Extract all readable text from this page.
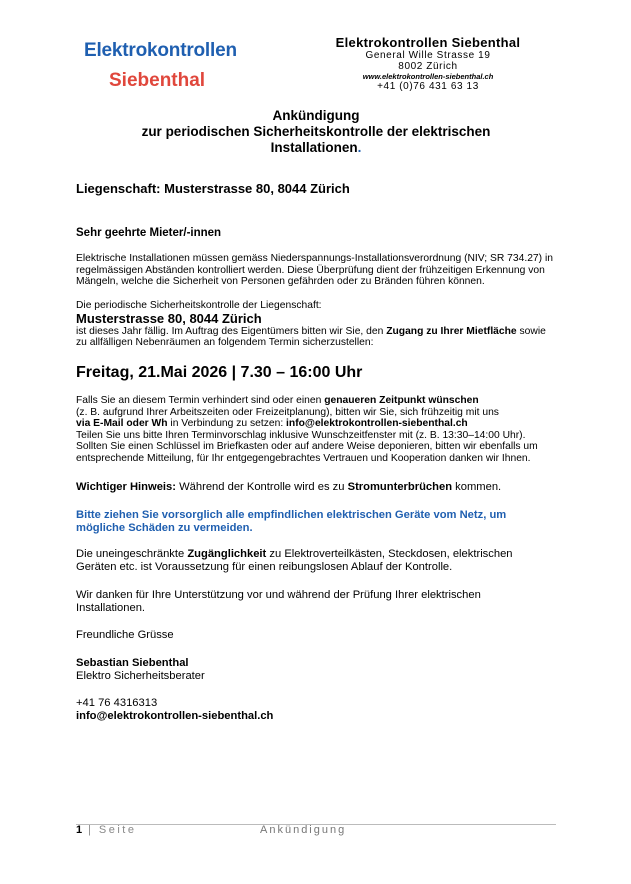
Elektrokontrollen
Siebenthal
Elektrokontrollen Siebenthal
General Wille Strasse 19
8002 Zürich
www.elektrokontrollen-siebenthal.ch
+41 (0)76 431 63 13
Ankündigung
zur periodischen Sicherheitskontrolle der elektrischen
Installationen.
Liegenschaft: Musterstrasse 80, 8044 Zürich
Sehr geehrte Mieter/-innen
Elektrische Installationen müssen gemäss Niederspannungs-Installationsverordnung (NIV; SR 734.27) in regelmässigen Abständen kontrolliert werden. Diese Überprüfung dient der frühzeitigen Erkennung von Mängeln, welche die Sicherheit von Personen gefährden oder zu Bränden führen können.
Die periodische Sicherheitskontrolle der Liegenschaft:
Musterstrasse 80, 8044 Zürich
ist dieses Jahr fällig. Im Auftrag des Eigentümers bitten wir Sie, den Zugang zu Ihrer Mietfläche sowie zu allfälligen Nebenräumen an folgendem Termin sicherzustellen:
Freitag, 21.Mai 2026 | 7.30 – 16:00 Uhr
Falls Sie an diesem Termin verhindert sind oder einen genaueren Zeitpunkt wünschen
(z. B. aufgrund Ihrer Arbeitszeiten oder Freizeitplanung), bitten wir Sie, sich frühzeitig mit uns
via E-Mail oder Wh in Verbindung zu setzen: info@elektrokontrollen-siebenthal.ch
Teilen Sie uns bitte Ihren Terminvorschlag inklusive Wunschzeitfenster mit (z. B. 13:30–14:00 Uhr).
Sollten Sie einen Schlüssel im Briefkasten oder auf andere Weise deponieren, bitten wir ebenfalls um entsprechende Mitteilung, für Ihr entgegengebrachtes Vertrauen und Kooperation danken wir Ihnen.
Wichtiger Hinweis: Während der Kontrolle wird es zu Stromunterbrüchen kommen.
Bitte ziehen Sie vorsorglich alle empfindlichen elektrischen Geräte vom Netz, um mögliche Schäden zu vermeiden.
Die uneingeschränkte Zugänglichkeit zu Elektroverteilkästen, Steckdosen, elektrischen Geräten etc. ist Voraussetzung für einen reibungslosen Ablauf der Kontrolle.
Wir danken für Ihre Unterstützung vor und während der Prüfung Ihrer elektrischen Installationen.
Freundliche Grüsse
Sebastian Siebenthal
Elektro Sicherheitsberater
+41 76 4316313
info@elektrokontrollen-siebenthal.ch
1 | Seite	Ankündigung
